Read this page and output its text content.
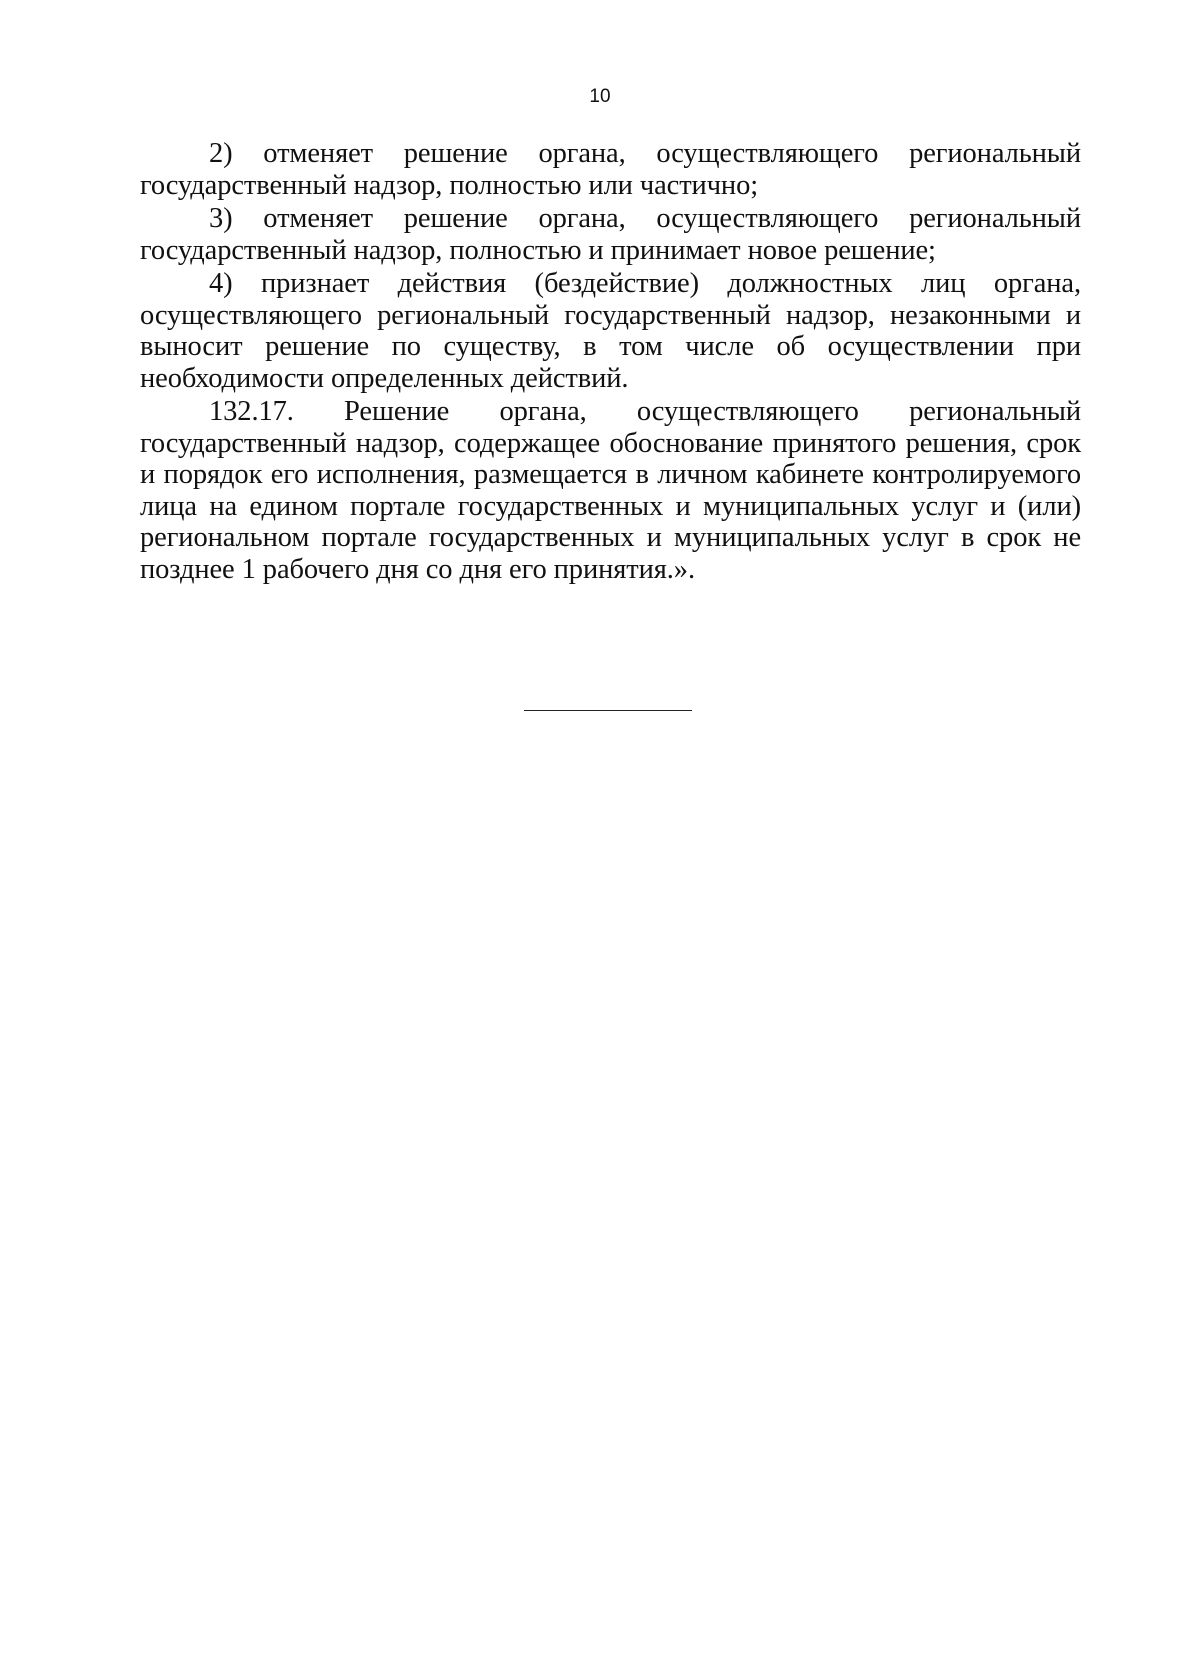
10

2) отменяет решение органа, осуществляющего региональный государственный надзор, полностью или частично;

3) отменяет решение органа, осуществляющего региональный государственный надзор, полностью и принимает новое решение;

4) признает действия (бездействие) должностных лиц органа, осуществляющего региональный государственный надзор, незаконными и выносит решение по существу, в том числе об осуществлении при необходимости определенных действий.

132.17. Решение органа, осуществляющего региональный государственный надзор, содержащее обоснование принятого решения, срок и порядок его исполнения, размещается в личном кабинете контролируемого лица на едином портале государственных и муниципальных услуг и (или) региональном портале государственных и муниципальных услуг в срок не позднее 1 рабочего дня со дня его принятия.».
